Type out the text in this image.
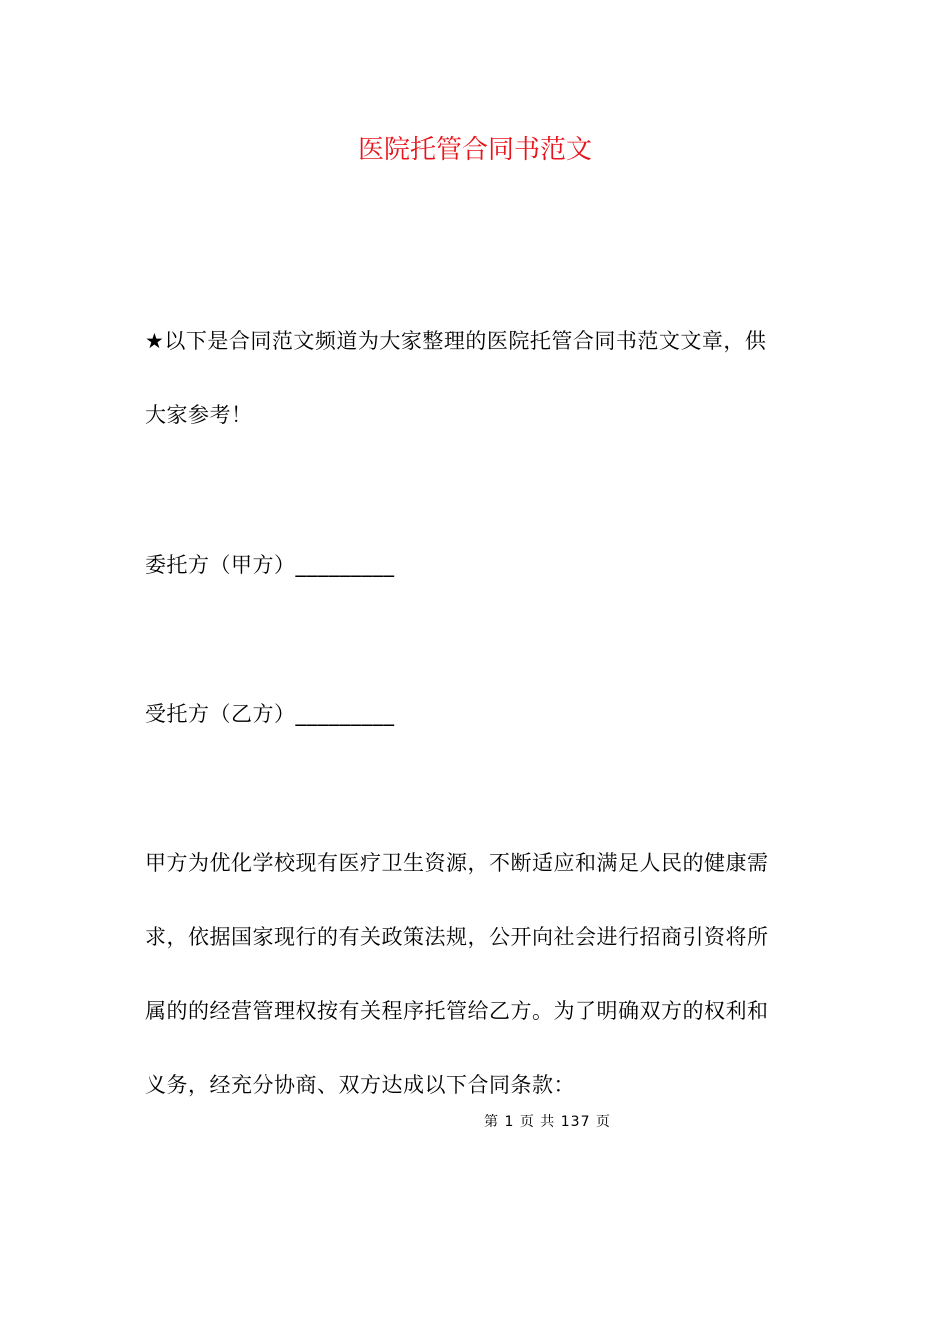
医院托管合同书范文
★以下是合同范文频道为大家整理的医院托管合同书范文文章，供
大家参考！
委托方（甲方）_________
受托方（乙方）_________
甲方为优化学校现有医疗卫生资源，不断适应和满足人民的健康需
求，依据国家现行的有关政策法规，公开向社会进行招商引资将所
属的的经营管理权按有关程序托管给乙方。为了明确双方的权利和
义务，经充分协商、双方达成以下合同条款：
第 1 页 共 137 页
